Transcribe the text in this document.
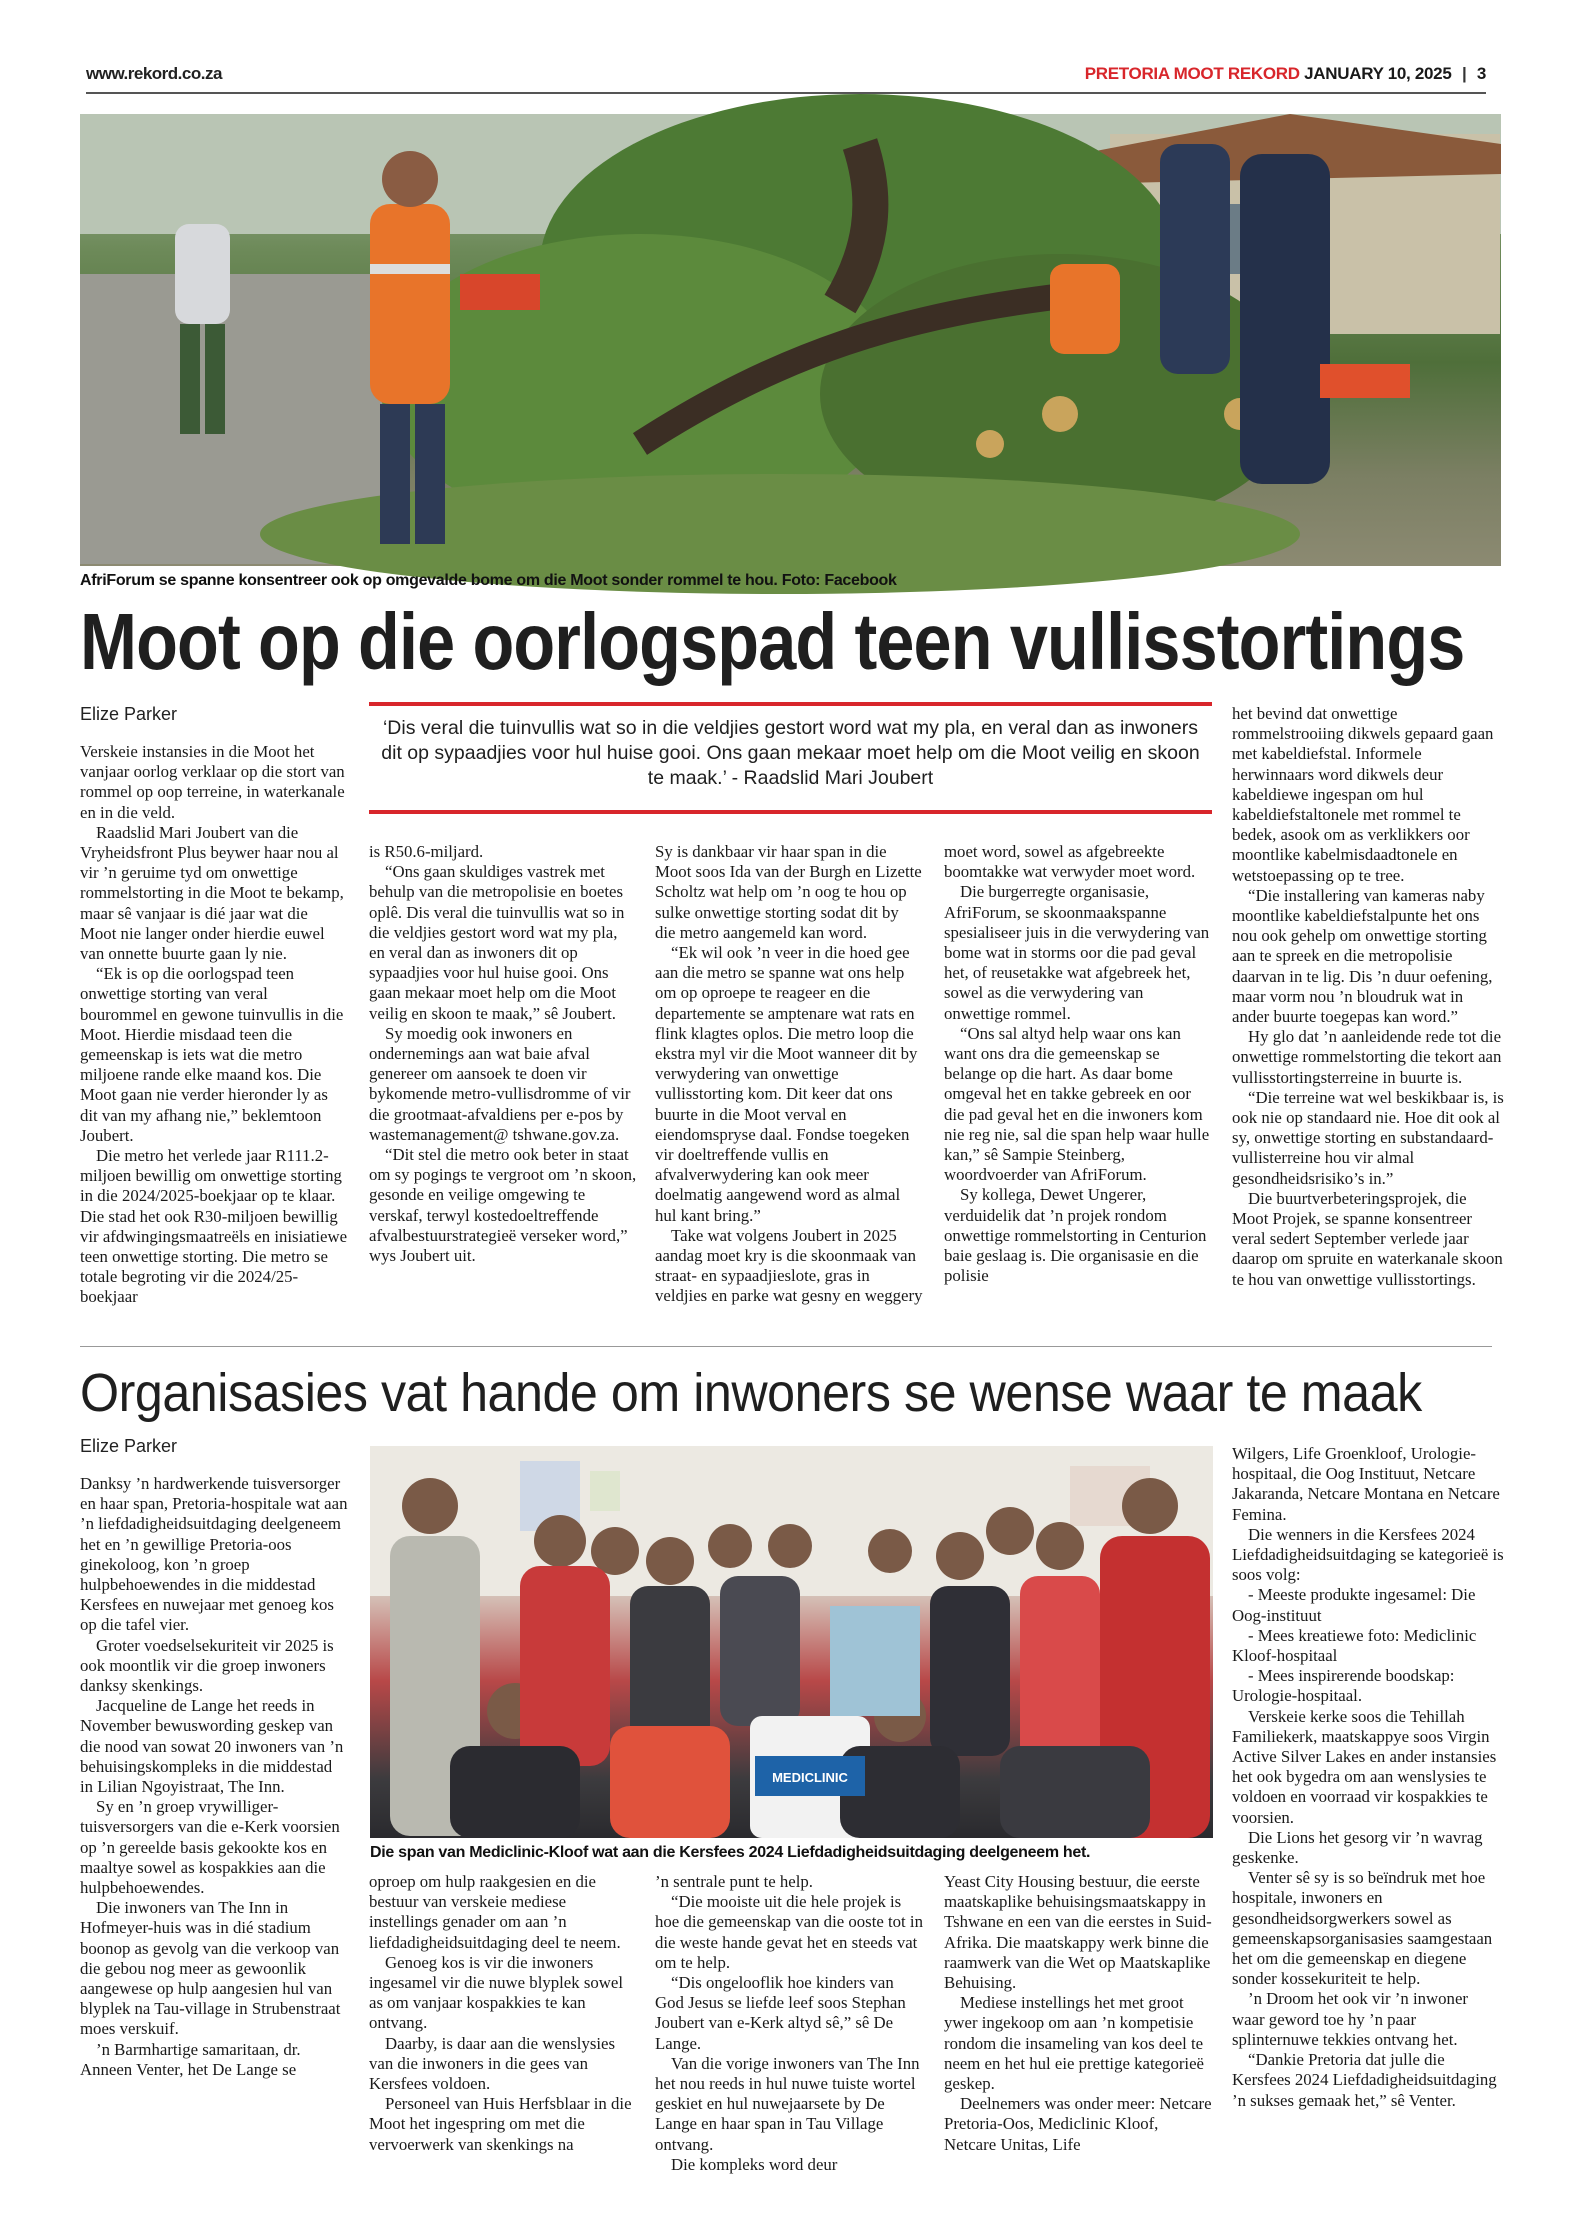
www.rekord.co.za	PRETORIA MOOT REKORD JANUARY 10, 2025 | 3
AfriForum se spanne konsentreer ook op omgevalde bome om die Moot sonder rommel te hou. Foto: Facebook
Moot op die oorlogspad teen vullisstortings
Elize Parker
‘Dis veral die tuinvullis wat so in die veldjies gestort word wat my pla, en veral dan as inwoners dit op sypaadjies voor hul huise gooi. Ons gaan mekaar moet help om die Moot veilig en skoon te maak.’ - Raadslid Mari Joubert

Verskeie instansies in die Moot het vanjaar oorlog verklaar op die stort van rommel op oop terreine, in waterkanale en in die veld.

Raadslid Mari Joubert van die Vryheidsfront Plus beywer haar nou al vir ’n geruime tyd om onwettige rommelstorting in die Moot te bekamp, maar sê vanjaar is dié jaar wat die Moot nie langer onder hierdie euwel van onnette buurte gaan ly nie.

“Ek is op die oorlogspad teen onwettige storting van veral bourommel en gewone tuinvullis in die Moot. Hierdie misdaad teen die gemeenskap is iets wat die metro miljoene rande elke maand kos. Die Moot gaan nie verder hieronder ly as dit van my afhang nie,” beklemtoon Joubert.

Die metro het verlede jaar R111.2-miljoen bewillig om onwettige storting in die 2024/2025-boekjaar op te klaar. Die stad het ook R30-miljoen bewillig vir afdwingingsmaatreëls en inisiatiewe teen onwettige storting. Die metro se totale begroting vir die 2024/25-boekjaar

is R50.6-miljard.

“Ons gaan skuldiges vastrek met behulp van die metropolisie en boetes oplê. Dis veral die tuinvullis wat so in die veldjies gestort word wat my pla, en veral dan as inwoners dit op sypaadjies voor hul huise gooi. Ons gaan mekaar moet help om die Moot veilig en skoon te maak,” sê Joubert.

Sy moedig ook inwoners en ondernemings aan wat baie afval genereer om aansoek te doen vir bykomende metro-vullisdromme of vir die grootmaat-afvaldiens per e-pos by wastemanagement@ tshwane.gov.za.

“Dit stel die metro ook beter in staat om sy pogings te vergroot om ’n skoon, gesonde en veilige omgewing te verskaf, terwyl kostedoeltreffende afvalbestuurstrategieë verseker word,” wys Joubert uit.

Sy is dankbaar vir haar span in die Moot soos Ida van der Burgh en Lizette Scholtz wat help om ’n oog te hou op sulke onwettige storting sodat dit by die metro aangemeld kan word.

“Ek wil ook ’n veer in die hoed gee aan die metro se spanne wat ons help om op oproepe te reageer en die departemente se amptenare wat rats en flink klagtes oplos. Die metro loop die ekstra myl vir die Moot wanneer dit by verwydering van onwettige vullisstorting kom. Dit keer dat ons buurte in die Moot verval en eiendomspryse daal. Fondse toegeken vir doeltreffende vullis en afvalverwydering kan ook meer doelmatig aangewend word as almal hul kant bring.”

Take wat volgens Joubert in 2025 aandag moet kry is die skoonmaak van straat- en sypaadjieslote, gras in veldjies en parke wat gesny en weggery

moet word, sowel as afgebreekte boomtakke wat verwyder moet word.

Die burgerregte organisasie, AfriForum, se skoonmaakspanne spesialiseer juis in die verwydering van bome wat in storms oor die pad geval het, of reusetakke wat afgebreek het, sowel as die verwydering van onwettige rommel.

“Ons sal altyd help waar ons kan want ons dra die gemeenskap se belange op die hart. As daar bome omgeval het en takke gebreek en oor die pad geval het en die inwoners kom nie reg nie, sal die span help waar hulle kan,” sê Sampie Steinberg, woordvoerder van AfriForum.

Sy kollega, Dewet Ungerer, verduidelik dat ’n projek rondom onwettige rommelstorting in Centurion baie geslaag is. Die organisasie en die polisie

het bevind dat onwettige rommelstrooiing dikwels gepaard gaan met kabeldiefstal. Informele herwinnaars word dikwels deur kabeldiewe ingespan om hul kabeldiefstaltonele met rommel te bedek, asook om as verklikkers oor moontlike kabelmisdaadtonele en wetstoepassing op te tree.

“Die installering van kameras naby moontlike kabeldiefstalpunte het ons nou ook gehelp om onwettige storting aan te spreek en die metropolisie daarvan in te lig. Dis ’n duur oefening, maar vorm nou ’n bloudruk wat in ander buurte toegepas kan word.”

Hy glo dat ’n aanleidende rede tot die onwettige rommelstorting die tekort aan vullisstortingsterreine in buurte is.

“Die terreine wat wel beskikbaar is, is ook nie op standaard nie. Hoe dit ook al sy, onwettige storting en substandaard-vullisterreine hou vir almal gesondheidsrisiko’s in.”

Die buurtverbeteringsprojek, die Moot Projek, se spanne konsentreer veral sedert September verlede jaar daarop om spruite en waterkanale skoon te hou van onwettige vullisstortings.

Organisasies vat hande om inwoners se wense waar te maak
Elize Parker
MEDICLINIC
Die span van Mediclinic-Kloof wat aan die Kersfees 2024 Liefdadigheidsuitdaging deelgeneem het.

Danksy ’n hardwerkende tuisversorger en haar span, Pretoria-hospitale wat aan ’n liefdadigheidsuitdaging deelgeneem het en ’n gewillige Pretoria-oos ginekoloog, kon ’n groep hulpbehoewendes in die middestad Kersfees en nuwejaar met genoeg kos op die tafel vier.

Groter voedselsekuriteit vir 2025 is ook moontlik vir die groep inwoners danksy skenkings.

Jacqueline de Lange het reeds in November bewuswording geskep van die nood van sowat 20 inwoners van ’n behuisingskompleks in die middestad in Lilian Ngoyistraat, The Inn.

Sy en ’n groep vrywilliger-tuisversorgers van die e-Kerk voorsien op ’n gereelde basis gekookte kos en maaltye sowel as kospakkies aan die hulpbehoewendes.

Die inwoners van The Inn in Hofmeyer-huis was in dié stadium boonop as gevolg van die verkoop van die gebou nog meer as gewoonlik aangewese op hulp aangesien hul van blyplek na Tau-village in Strubenstraat moes verskuif.

’n Barmhartige samaritaan, dr. Anneen Venter, het De Lange se

oproep om hulp raakgesien en die bestuur van verskeie mediese instellings genader om aan ’n liefdadigheidsuitdaging deel te neem.

Genoeg kos is vir die inwoners ingesamel vir die nuwe blyplek sowel as om vanjaar kospakkies te kan ontvang.

Daarby, is daar aan die wenslysies van die inwoners in die gees van Kersfees voldoen.

Personeel van Huis Herfsblaar in die Moot het ingespring om met die vervoerwerk van skenkings na

’n sentrale punt te help.

“Die mooiste uit die hele projek is hoe die gemeenskap van die ooste tot in die weste hande gevat het en steeds vat om te help.

“Dis ongelooflik hoe kinders van God Jesus se liefde leef soos Stephan Joubert van e-Kerk altyd sê,” sê De Lange.

Van die vorige inwoners van The Inn het nou reeds in hul nuwe tuiste wortel geskiet en hul nuwejaarsete by De Lange en haar span in Tau Village ontvang.

Die kompleks word deur

Yeast City Housing bestuur, die eerste maatskaplike behuisingsmaatskappy in Tshwane en een van die eerstes in Suid-Afrika. Die maatskappy werk binne die raamwerk van die Wet op Maatskaplike Behuising.

Mediese instellings het met groot ywer ingekoop om aan ’n kompetisie rondom die insameling van kos deel te neem en het hul eie prettige kategorieë geskep.

Deelnemers was onder meer: Netcare Pretoria-Oos, Mediclinic Kloof, Netcare Unitas, Life

Wilgers, Life Groenkloof, Urologie-hospitaal, die Oog Instituut, Netcare Jakaranda, Netcare Montana en Netcare Femina.

Die wenners in die Kersfees 2024 Liefdadigheidsuitdaging se kategorieë is soos volg:

- Meeste produkte ingesamel: Die Oog-instituut

- Mees kreatiewe foto: Mediclinic Kloof-hospitaal

- Mees inspirerende boodskap: Urologie-hospitaal.

Verskeie kerke soos die Tehillah Familiekerk, maatskappye soos Virgin Active Silver Lakes en ander instansies het ook bygedra om aan wenslysies te voldoen en voorraad vir kospakkies te voorsien.

Die Lions het gesorg vir ’n wavrag geskenke.

Venter sê sy is so beïndruk met hoe hospitale, inwoners en gesondheidsorgwerkers sowel as gemeenskapsorganisasies saamgestaan het om die gemeenskap en diegene sonder kossekuriteit te help.

’n Droom het ook vir ’n inwoner waar geword toe hy ’n paar splinternuwe tekkies ontvang het.

“Dankie Pretoria dat julle die Kersfees 2024 Liefdadigheidsuitdaging ’n sukses gemaak het,” sê Venter.
